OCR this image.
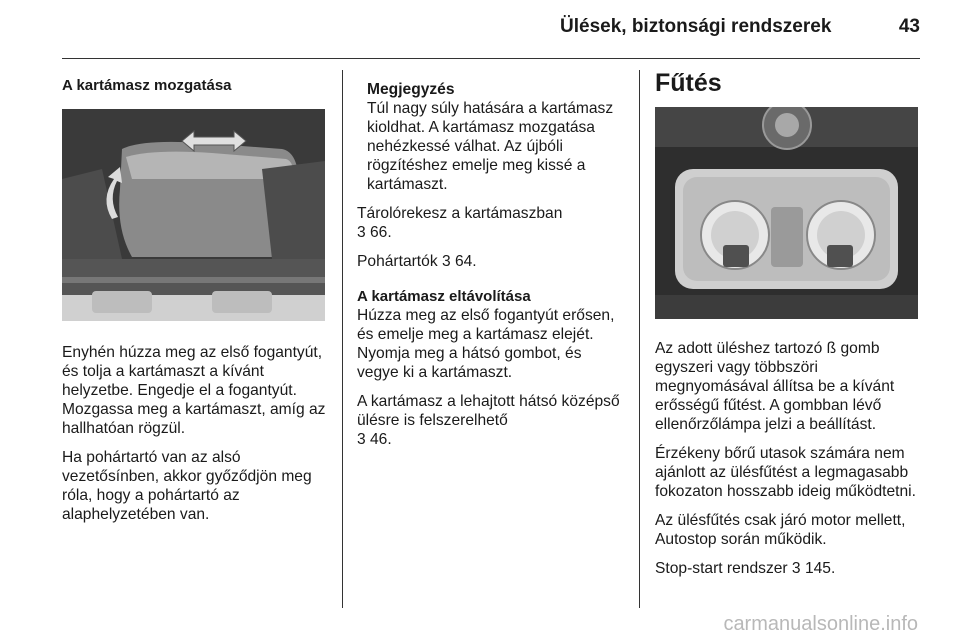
Ülések, biztonsági rendszerek	43

A kartámasz mozgatása

Enyhén húzza meg az első fogantyút, és tolja a kartámaszt a kívánt helyzetbe. Engedje el a fogantyút. Mozgassa meg a kartámaszt, amíg az hallhatóan rögzül.

Ha pohártartó van az alsó vezetősínben, akkor győződjön meg róla, hogy a pohártartó az alaphelyzetében van.

Megjegyzés
Túl nagy súly hatására a kartámasz kioldhat. A kartámasz mozgatása nehézkessé válhat. Az újbóli rögzítéshez emelje meg kissé a kartámaszt.

Tárolórekesz a kartámaszban
3 66.

Pohártartók 3 64.

A kartámasz eltávolítása

Húzza meg az első fogantyút erősen, és emelje meg a kartámasz elejét. Nyomja meg a hátsó gombot, és vegye ki a kartámaszt.

A kartámasz a lehajtott hátsó középső ülésre is felszerelhető
3 46.

Fűtés

Az adott üléshez tartozó ß gomb egyszeri vagy többszöri megnyomásával állítsa be a kívánt erősségű fűtést. A gombban lévő ellenőrzőlámpa jelzi a beállítást.

Érzékeny bőrű utasok számára nem ajánlott az ülésfűtést a legmagasabb fokozaton hosszabb ideig működtetni.

Az ülésfűtés csak járó motor mellett, Autostop során működik.

Stop-start rendszer 3 145.

carmanualsonline.info
